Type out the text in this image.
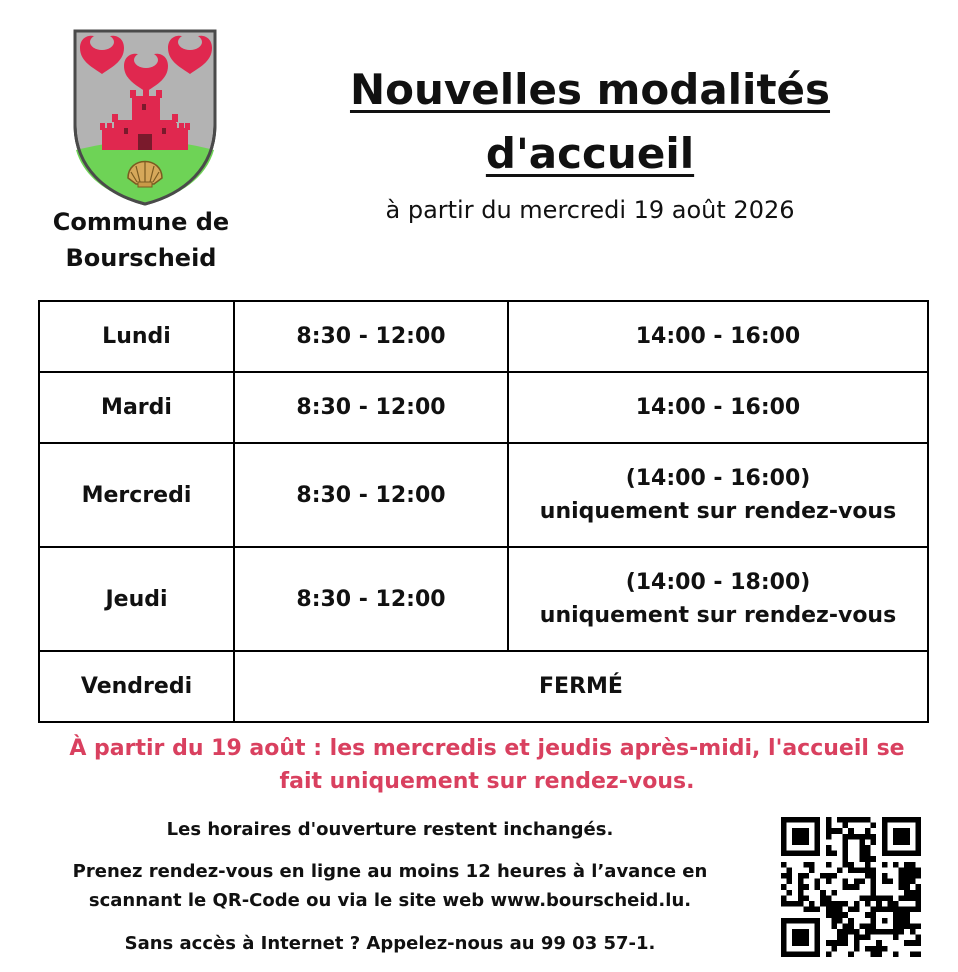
Commune de
Bourscheid
Nouvelles modalités
d'accueil
à partir du mercredi 19 août 2026
Lundi	8:30 - 12:00	14:00 - 16:00
Mardi	8:30 - 12:00	14:00 - 16:00
Mercredi	8:30 - 12:00	(14:00 - 16:00)
uniquement sur rendez-vous

Jeudi	8:30 - 12:00	(14:00 - 18:00)
uniquement sur rendez-vous

Vendredi	FERMÉ	
À partir du 19 août : les mercredis et jeudis après-midi, l'accueil se
fait uniquement sur rendez-vous.
Les horaires d'ouverture restent inchangés.
Prenez rendez-vous en ligne au moins 12 heures à l’avance en
scannant le QR-Code ou via le site web www.bourscheid.lu.
Sans accès à Internet ? Appelez-nous au 99 03 57-1.
